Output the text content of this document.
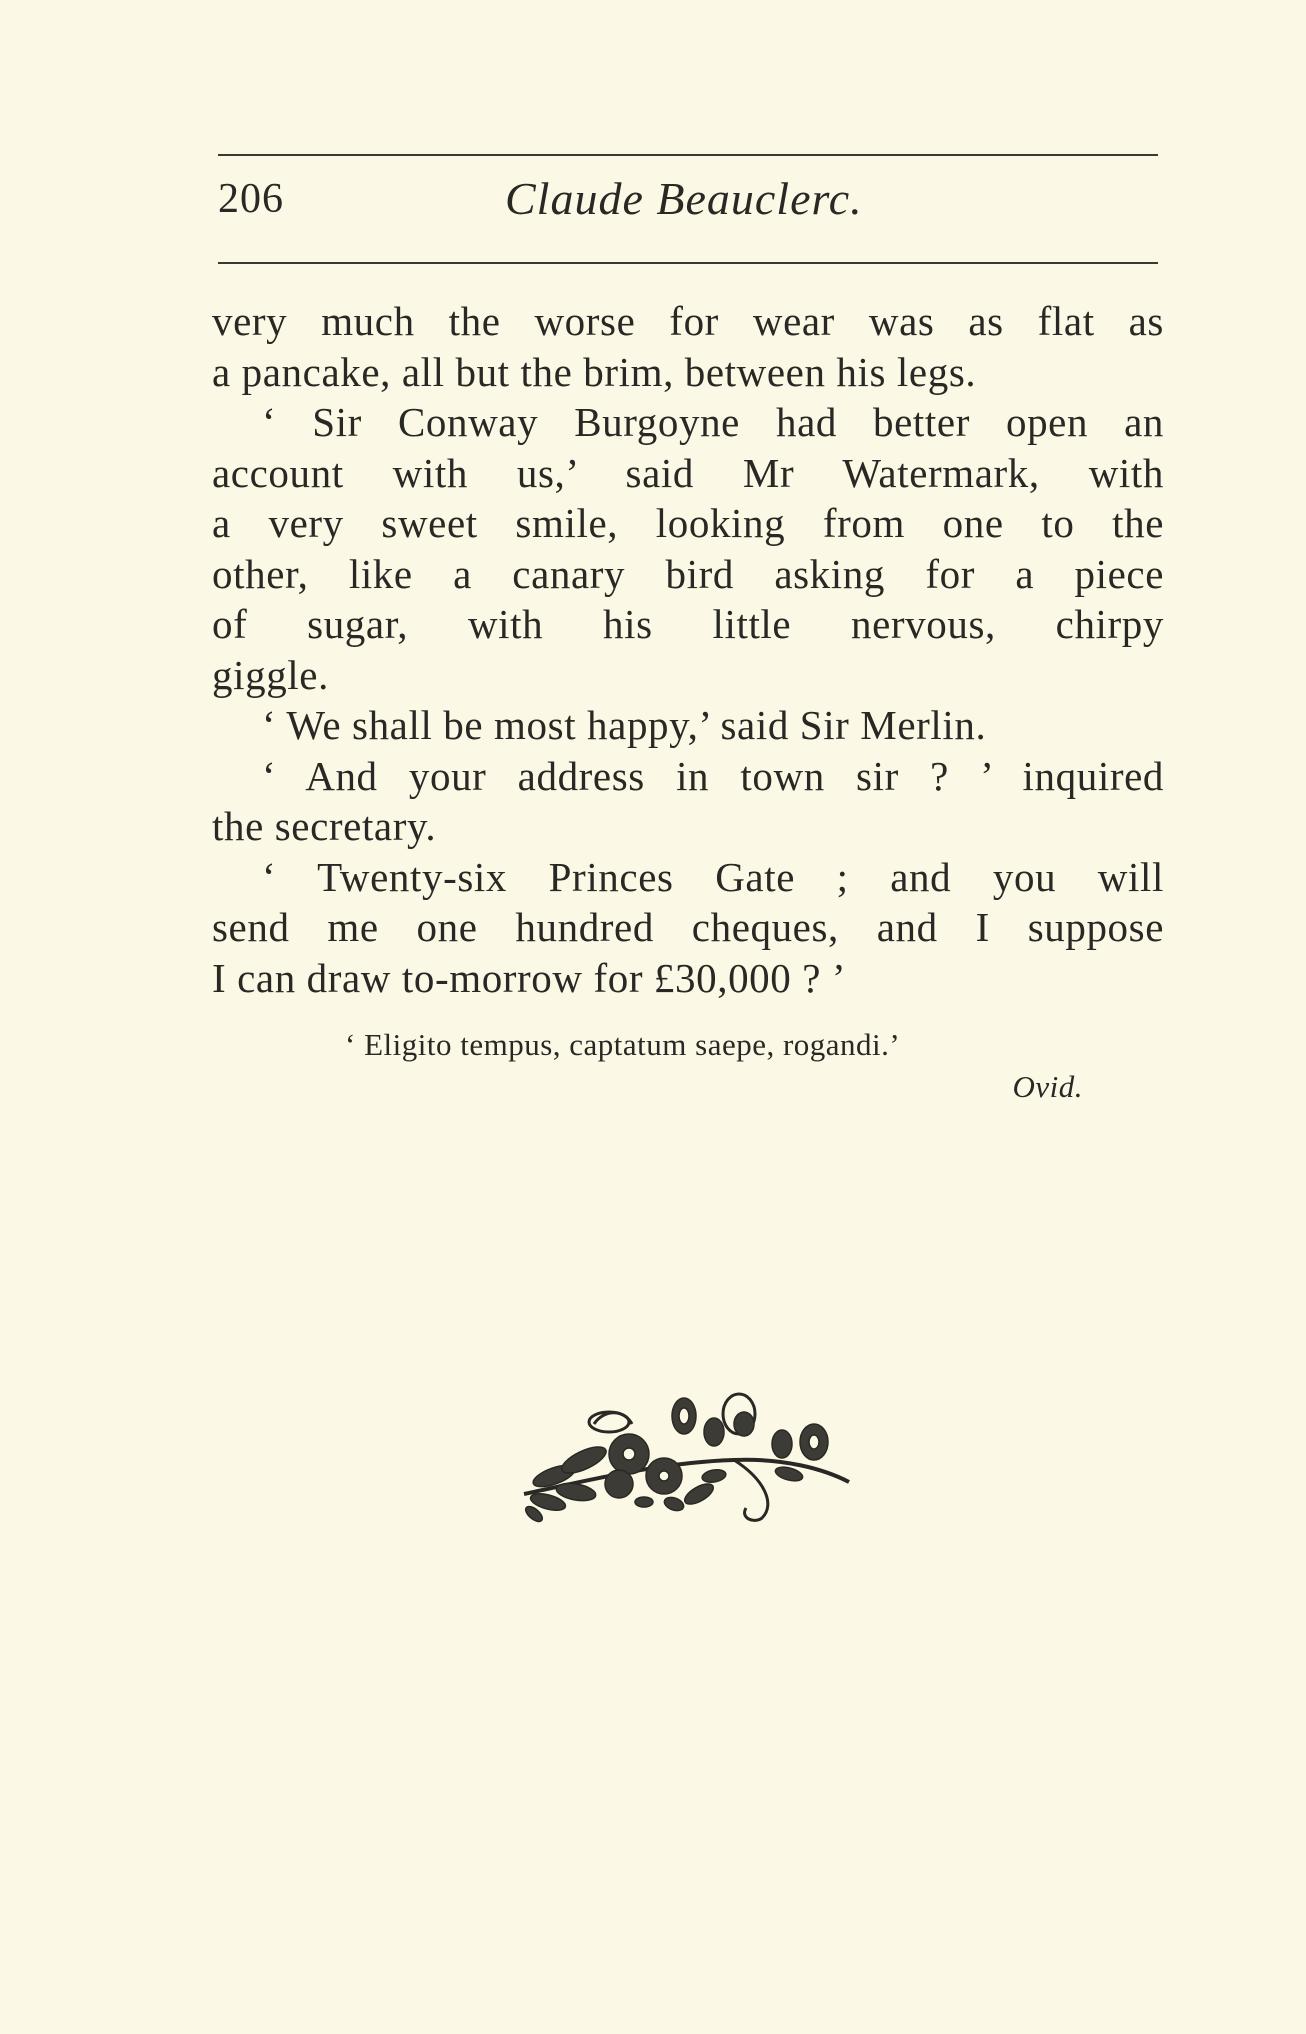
206	Claude Beauclerc.

very much the worse for wear was as flat as

a pancake, all but the brim, between his legs.

‘ Sir Conway Burgoyne had better open an

account with us,’ said Mr Watermark, with

a very sweet smile, looking from one to the

other, like a canary bird asking for a piece

of sugar, with his little nervous, chirpy

giggle.

‘ We shall be most happy,’ said Sir Merlin.

‘ And your address in town sir ? ’ inquired

the secretary.

‘ Twenty-six Princes Gate ; and you will

send me one hundred cheques, and I suppose

I can draw to-morrow for £30,000 ? ’

‘ Eligito tempus, captatum saepe, rogandi.’
Ovid.
